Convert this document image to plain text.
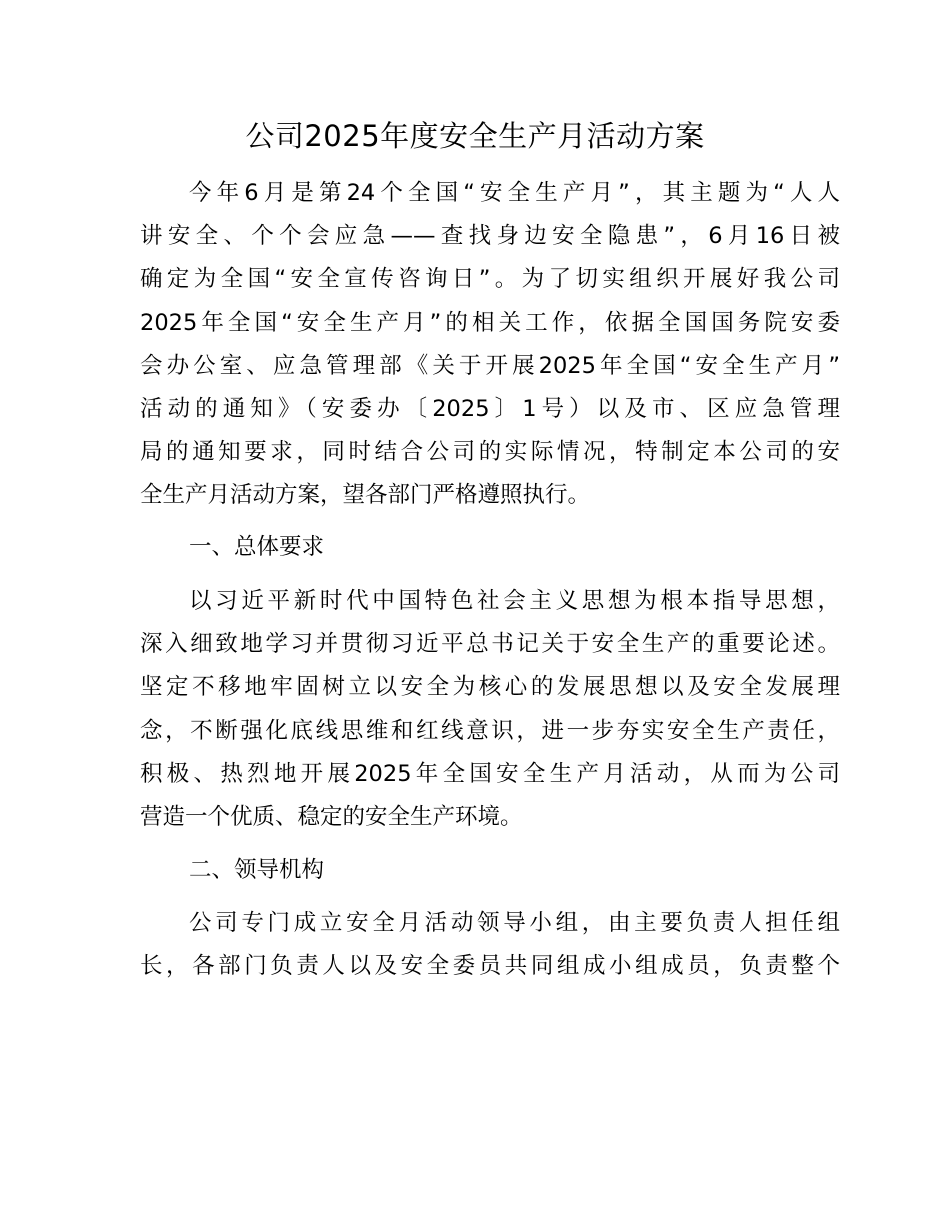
公司2025年度安全生产月活动方案
今年6月是第24个全国“安全生产月”，其主题为“人人
讲安全、个个会应急——查找身边安全隐患”，6月16日被
确定为全国“安全宣传咨询日”。为了切实组织开展好我公司
2025年全国“安全生产月”的相关工作，依据全国国务院安委
会办公室、应急管理部《关于开展2025年全国“安全生产月”
活动的通知》（安委办〔2025〕1号）以及市、区应急管理
局的通知要求，同时结合公司的实际情况，特制定本公司的安
全生产月活动方案，望各部门严格遵照执行。
一、总体要求
以习近平新时代中国特色社会主义思想为根本指导思想，
深入细致地学习并贯彻习近平总书记关于安全生产的重要论述。
坚定不移地牢固树立以安全为核心的发展思想以及安全发展理
念，不断强化底线思维和红线意识，进一步夯实安全生产责任，
积极、热烈地开展2025年全国安全生产月活动，从而为公司
营造一个优质、稳定的安全生产环境。
二、领导机构
公司专门成立安全月活动领导小组，由主要负责人担任组
长，各部门负责人以及安全委员共同组成小组成员，负责整个
